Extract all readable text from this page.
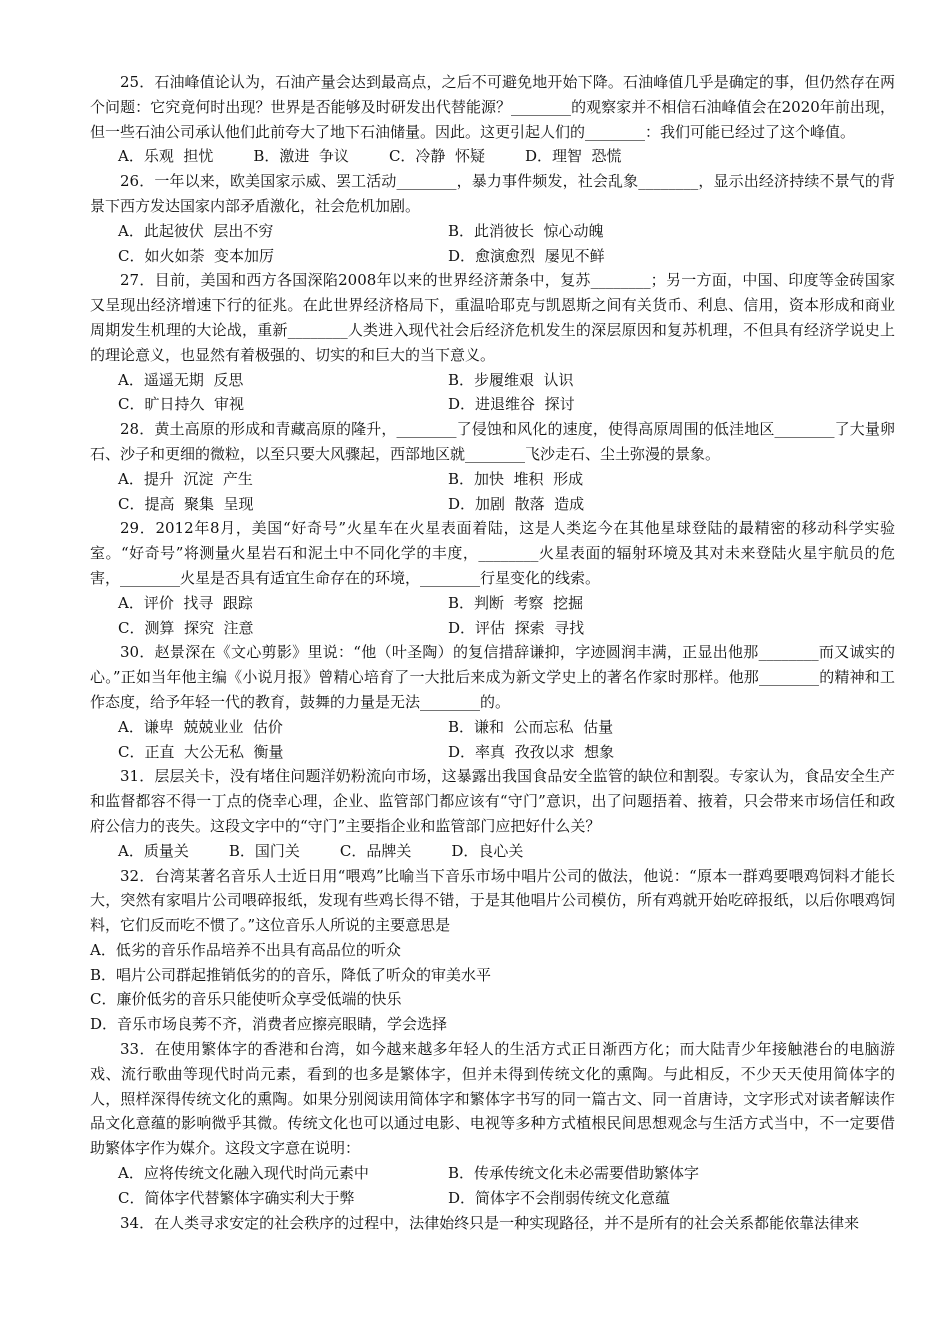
25．石油峰值论认为，石油产量会达到最高点，之后不可避免地开始下降。石油峰值几乎是确定的事，但仍然存在两个问题：它究竟何时出现？世界是否能够及时研发出代替能源？________的观察家并不相信石油峰值会在2020年前出现，但一些石油公司承认他们此前夸大了地下石油储量。因此。这更引起人们的________：我们可能已经过了这个峰值。

A．乐观  担忧	B．激进  争议	C．冷静  怀疑	D．理智  恐慌

26．一年以来，欧美国家示威、罢工活动________，暴力事件频发，社会乱象________，显示出经济持续不景气的背景下西方发达国家内部矛盾激化，社会危机加剧。

A．此起彼伏  层出不穷	B．此消彼长  惊心动魄
C．如火如荼  变本加厉	D．愈演愈烈  屡见不鲜

27．目前，美国和西方各国深陷2008年以来的世界经济萧条中，复苏________；另一方面，中国、印度等金砖国家又呈现出经济增速下行的征兆。在此世界经济格局下，重温哈耶克与凯恩斯之间有关货币、利息、信用，资本形成和商业周期发生机理的大论战，重新________人类进入现代社会后经济危机发生的深层原因和复苏机理，不但具有经济学说史上的理论意义，也显然有着极强的、切实的和巨大的当下意义。

A．遥遥无期  反思	B．步履维艰  认识
C．旷日持久  审视	D．进退维谷  探讨

28．黄土高原的形成和青藏高原的隆升，________了侵蚀和风化的速度，使得高原周围的低洼地区________了大量卵石、沙子和更细的微粒，以至只要大风骤起，西部地区就________飞沙走石、尘土弥漫的景象。

A．提升  沉淀  产生	B．加快  堆积  形成
C．提高  聚集  呈现	D．加剧  散落  造成

29．2012年8月，美国“好奇号”火星车在火星表面着陆，这是人类迄今在其他星球登陆的最精密的移动科学实验室。“好奇号”将测量火星岩石和泥土中不同化学的丰度，________火星表面的辐射环境及其对未来登陆火星宇航员的危害，________火星是否具有适宜生命存在的环境，________行星变化的线索。

A．评价  找寻  跟踪	B．判断  考察  挖掘
C．测算  探究  注意	D．评估  探索  寻找

30．赵景深在《文心剪影》里说：“他（叶圣陶）的复信措辞谦抑，字迹圆润丰满，正显出他那________而又诚实的心。”正如当年他主编《小说月报》曾精心培育了一大批后来成为新文学史上的著名作家时那样。他那________的精神和工作态度，给予年轻一代的教育，鼓舞的力量是无法________的。

A．谦卑  兢兢业业  估价	B．谦和  公而忘私  估量
C．正直  大公无私  衡量	D．率真  孜孜以求  想象

31．层层关卡，没有堵住问题洋奶粉流向市场，这暴露出我国食品安全监管的缺位和割裂。专家认为，食品安全生产和监督都容不得一丁点的侥幸心理，企业、监管部门都应该有“守门”意识，出了问题捂着、掖着，只会带来市场信任和政府公信力的丧失。这段文字中的“守门”主要指企业和监管部门应把好什么关？

A．质量关	B．国门关	C．品牌关	D．良心关

32．台湾某著名音乐人士近日用“喂鸡”比喻当下音乐市场中唱片公司的做法，他说：“原本一群鸡要喂鸡饲料才能长大，突然有家唱片公司喂碎报纸，发现有些鸡长得不错，于是其他唱片公司模仿，所有鸡就开始吃碎报纸，以后你喂鸡饲料，它们反而吃不惯了。”这位音乐人所说的主要意思是

A．低劣的音乐作品培养不出具有高品位的听众
B．唱片公司群起推销低劣的的音乐，降低了听众的审美水平
C．廉价低劣的音乐只能使听众享受低端的快乐
D．音乐市场良莠不齐，消费者应擦亮眼睛，学会选择

33．在使用繁体字的香港和台湾，如今越来越多年轻人的生活方式正日渐西方化；而大陆青少年接触港台的电脑游戏、流行歌曲等现代时尚元素，看到的也多是繁体字，但并未得到传统文化的熏陶。与此相反，不少天天使用简体字的人，照样深得传统文化的熏陶。如果分别阅读用简体字和繁体字书写的同一篇古文、同一首唐诗，文字形式对读者解读作品文化意蕴的影响微乎其微。传统文化也可以通过电影、电视等多种方式植根民间思想观念与生活方式当中，不一定要借助繁体字作为媒介。这段文字意在说明：

A．应将传统文化融入现代时尚元素中	B．传承传统文化未必需要借助繁体字
C．简体字代替繁体字确实利大于弊	D．简体字不会削弱传统文化意蕴

34．在人类寻求安定的社会秩序的过程中，法律始终只是一种实现路径，并不是所有的社会关系都能依靠法律来
